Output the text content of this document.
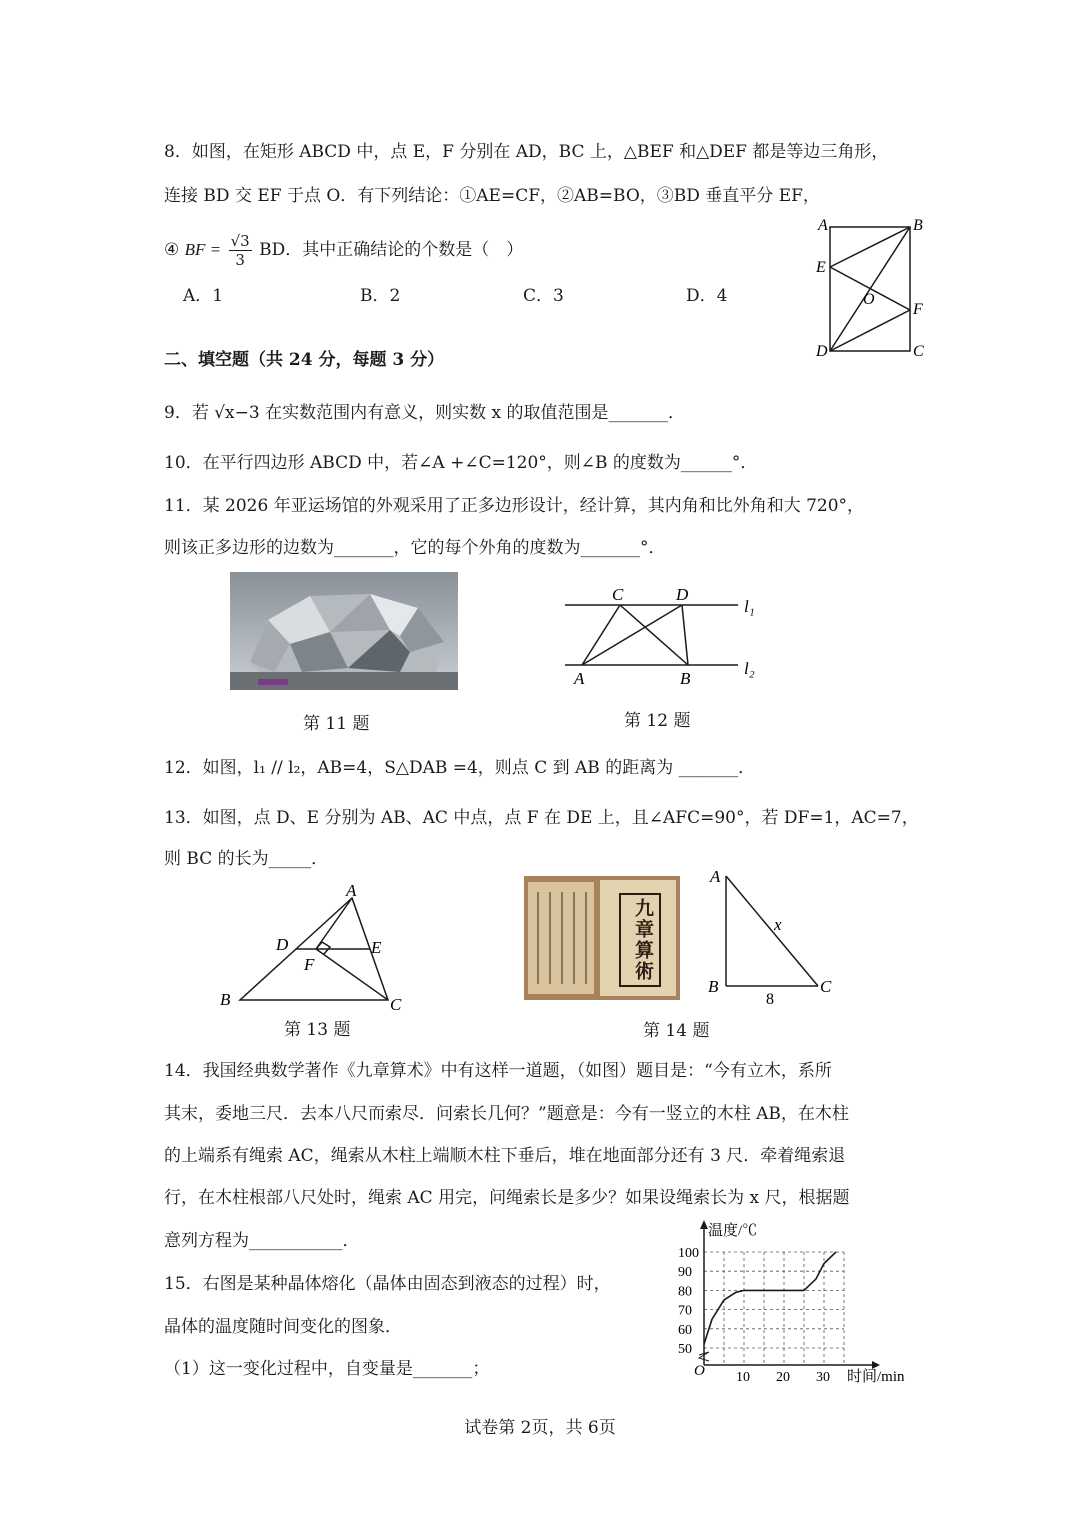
8．如图，在矩形 ABCD 中，点 E，F 分别在 AD，BC 上，△BEF 和△DEF 都是等边三角形，
连接 BD 交 EF 于点 O．有下列结论：①AE=CF，②AB=BO，③BD 垂直平分 EF，
④ BF = $\frac{√3}{3}$ BD．其中正确结论的个数是（　）
A．1	B．2	C．3	D．4
A	B
E
O
F
D	C
二、填空题（共 24 分，每题 3 分）
9．若 √x−3 在实数范围内有意义，则实数 x 的取值范围是_______．
10．在平行四边形 ABCD 中，若∠A +∠C=120°，则∠B 的度数为______°．
11．某 2026 年亚运场馆的外观采用了正多边形设计，经计算，其内角和比外角和大 720°，
则该正多边形的边数为_______，它的每个外角的度数为_______°．
C	D
l₁
A	B
l₂
第 11 题	第 12 题
12．如图，l₁ // l₂，AB=4，S△DAB =4，则点 C 到 AB 的距离为 _______．
13．如图，点 D、E 分别为 AB、AC 中点，点 F 在 DE 上，且∠AFC=90°，若 DF=1，AC=7，
则 BC 的长为_____．
A
D	E
F
B	C
九章算術
A
x
B	C
8
第 13 题	第 14 题
14．我国经典数学著作《九章算术》中有这样一道题，（如图）题目是：“今有立木，系所
其末，委地三尺．去本八尺而索尽．问索长几何？”题意是：今有一竖立的木柱 AB，在木柱
的上端系有绳索 AC，绳索从木柱上端顺木柱下垂后，堆在地面部分还有 3 尺．牵着绳索退
行，在木柱根部八尺处时，绳索 AC 用完，问绳索长是多少？如果设绳索长为 x 尺，根据题
意列方程为___________．
15．右图是某种晶体熔化（晶体由固态到液态的过程）时，
晶体的温度随时间变化的图象．
（1）这一变化过程中，自变量是_______；
50
60
70
80
90
100
10 20 30
温度/℃
时间/min
O
试卷第 2页，共 6页
